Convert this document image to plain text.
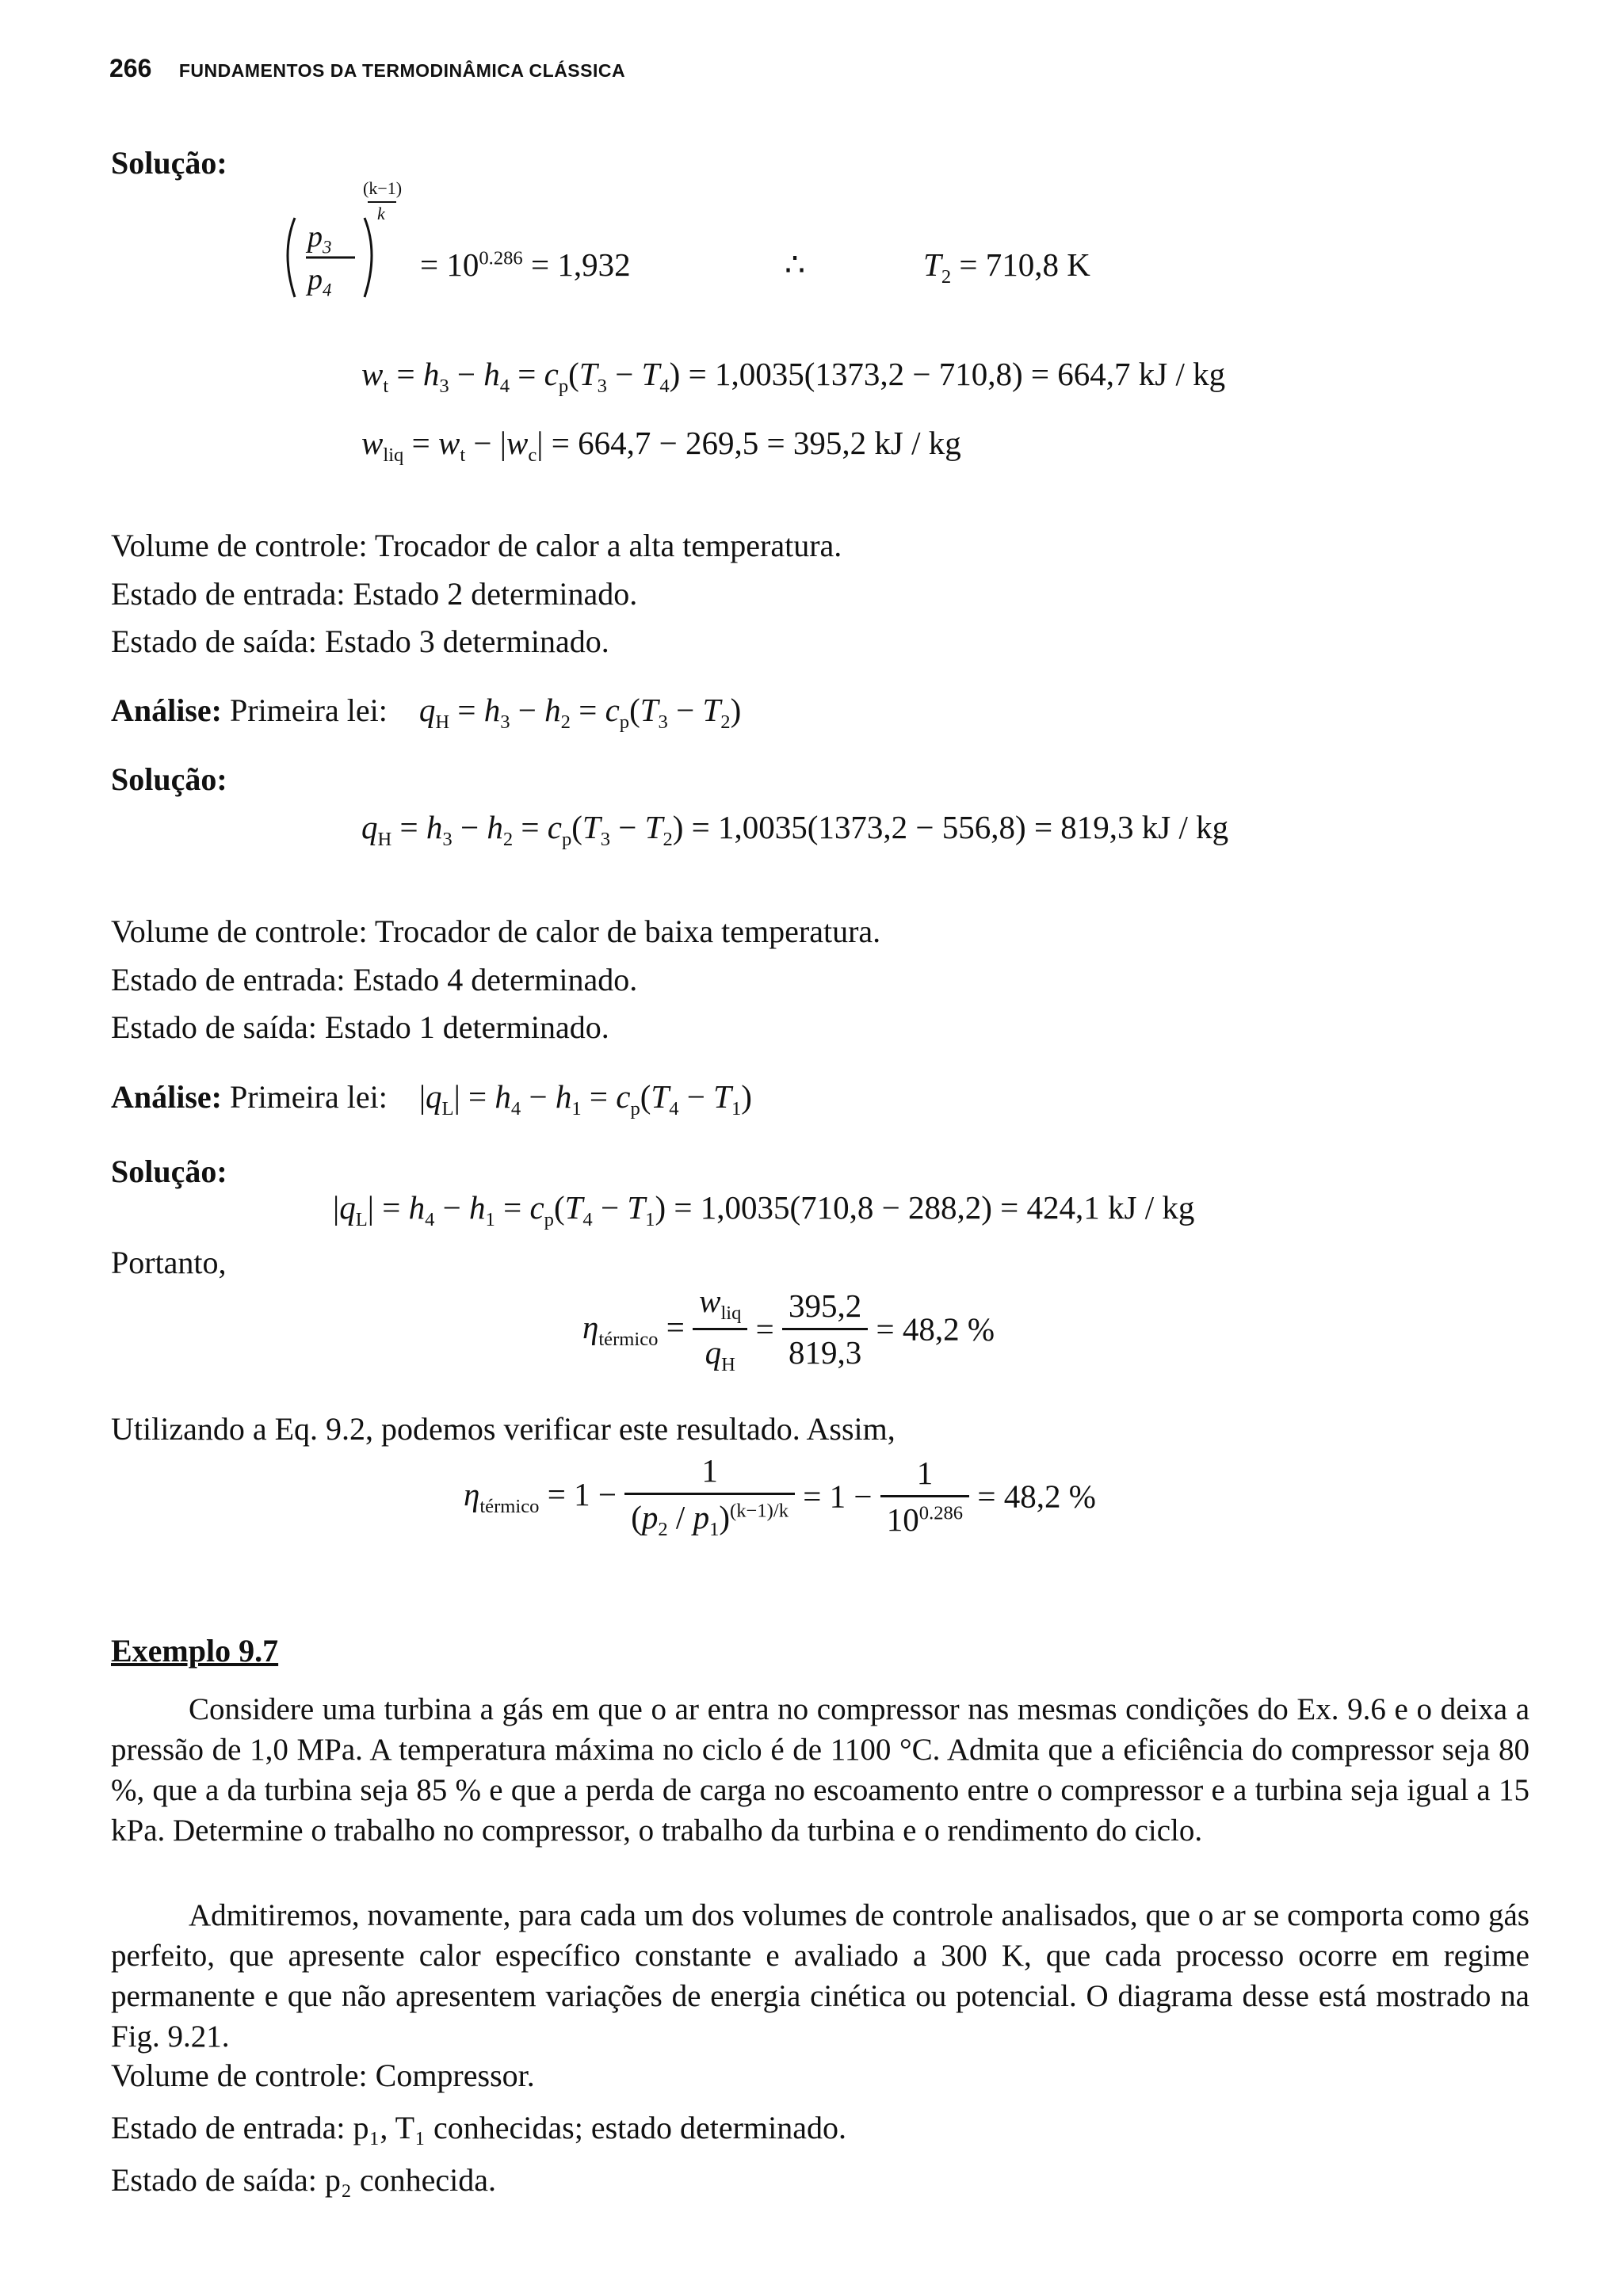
266 FUNDAMENTOS DA TERMODINÂMICA CLÁSSICA
Solução:
$p_3$
$p_4$
(k−1)
k
= $10^{0.286} = 1,932$	∴	$T_2 = 710,8$ K
$w_t = h_3 - h_4 = c_p(T_3 - T_4) = 1,0035(1373,2 - 710,8) = 664,7$ kJ / kg
$w_{liq} = w_t - |w_c| = 664,7 - 269,5 = 395,2$ kJ / kg
Volume de controle: Trocador de calor a alta temperatura.
Estado de entrada: Estado 2 determinado.
Estado de saída: Estado 3 determinado.
Análise: Primeira lei: $q_H = h_3 - h_2 = c_p(T_3 - T_2)$
Solução:
$q_H = h_3 - h_2 = c_p(T_3 - T_2) = 1,0035(1373,2 - 556,8) = 819,3$ kJ / kg
Volume de controle: Trocador de calor de baixa temperatura.
Estado de entrada: Estado 4 determinado.
Estado de saída: Estado 1 determinado.
Análise: Primeira lei: $|q_L| = h_4 - h_1 = c_p(T_4 - T_1)$
Solução:
$|q_L| = h_4 - h_1 = c_p(T_4 - T_1) = 1,0035(710,8 - 288,2) = 424,1$ kJ / kg
Portanto,
$\eta_{térmico} = \frac{w_{liq}}{q_H} = \frac{395,2}{819,3} = 48,2$ %
Utilizando a Eq. 9.2, podemos verificar este resultado. Assim,
$\eta_{térmico} = 1 - \frac{1}{(p_2 / p_1)^{(k-1)/k}} = 1 - \frac{1}{10^{0.286}} = 48,2$ %
Exemplo 9.7
Considere uma turbina a gás em que o ar entra no compressor nas mesmas condições do Ex. 9.6 e o deixa a pressão de 1,0 MPa. A temperatura máxima no ciclo é de 1100 °C. Admita que a eficiência do compressor seja 80 %, que a da turbina seja 85 % e que a perda de carga no escoamento entre o compressor e a turbina seja igual a 15 kPa. Determine o trabalho no compressor, o trabalho da turbina e o rendimento do ciclo.
Admitiremos, novamente, para cada um dos volumes de controle analisados, que o ar se comporta como gás perfeito, que apresente calor específico constante e avaliado a 300 K, que cada processo ocorre em regime permanente e que não apresentem variações de energia cinética ou potencial. O diagrama desse está mostrado na Fig. 9.21.
Volume de controle: Compressor.
Estado de entrada: p₁, T₁ conhecidas; estado determinado.
Estado de saída: p₂ conhecida.
